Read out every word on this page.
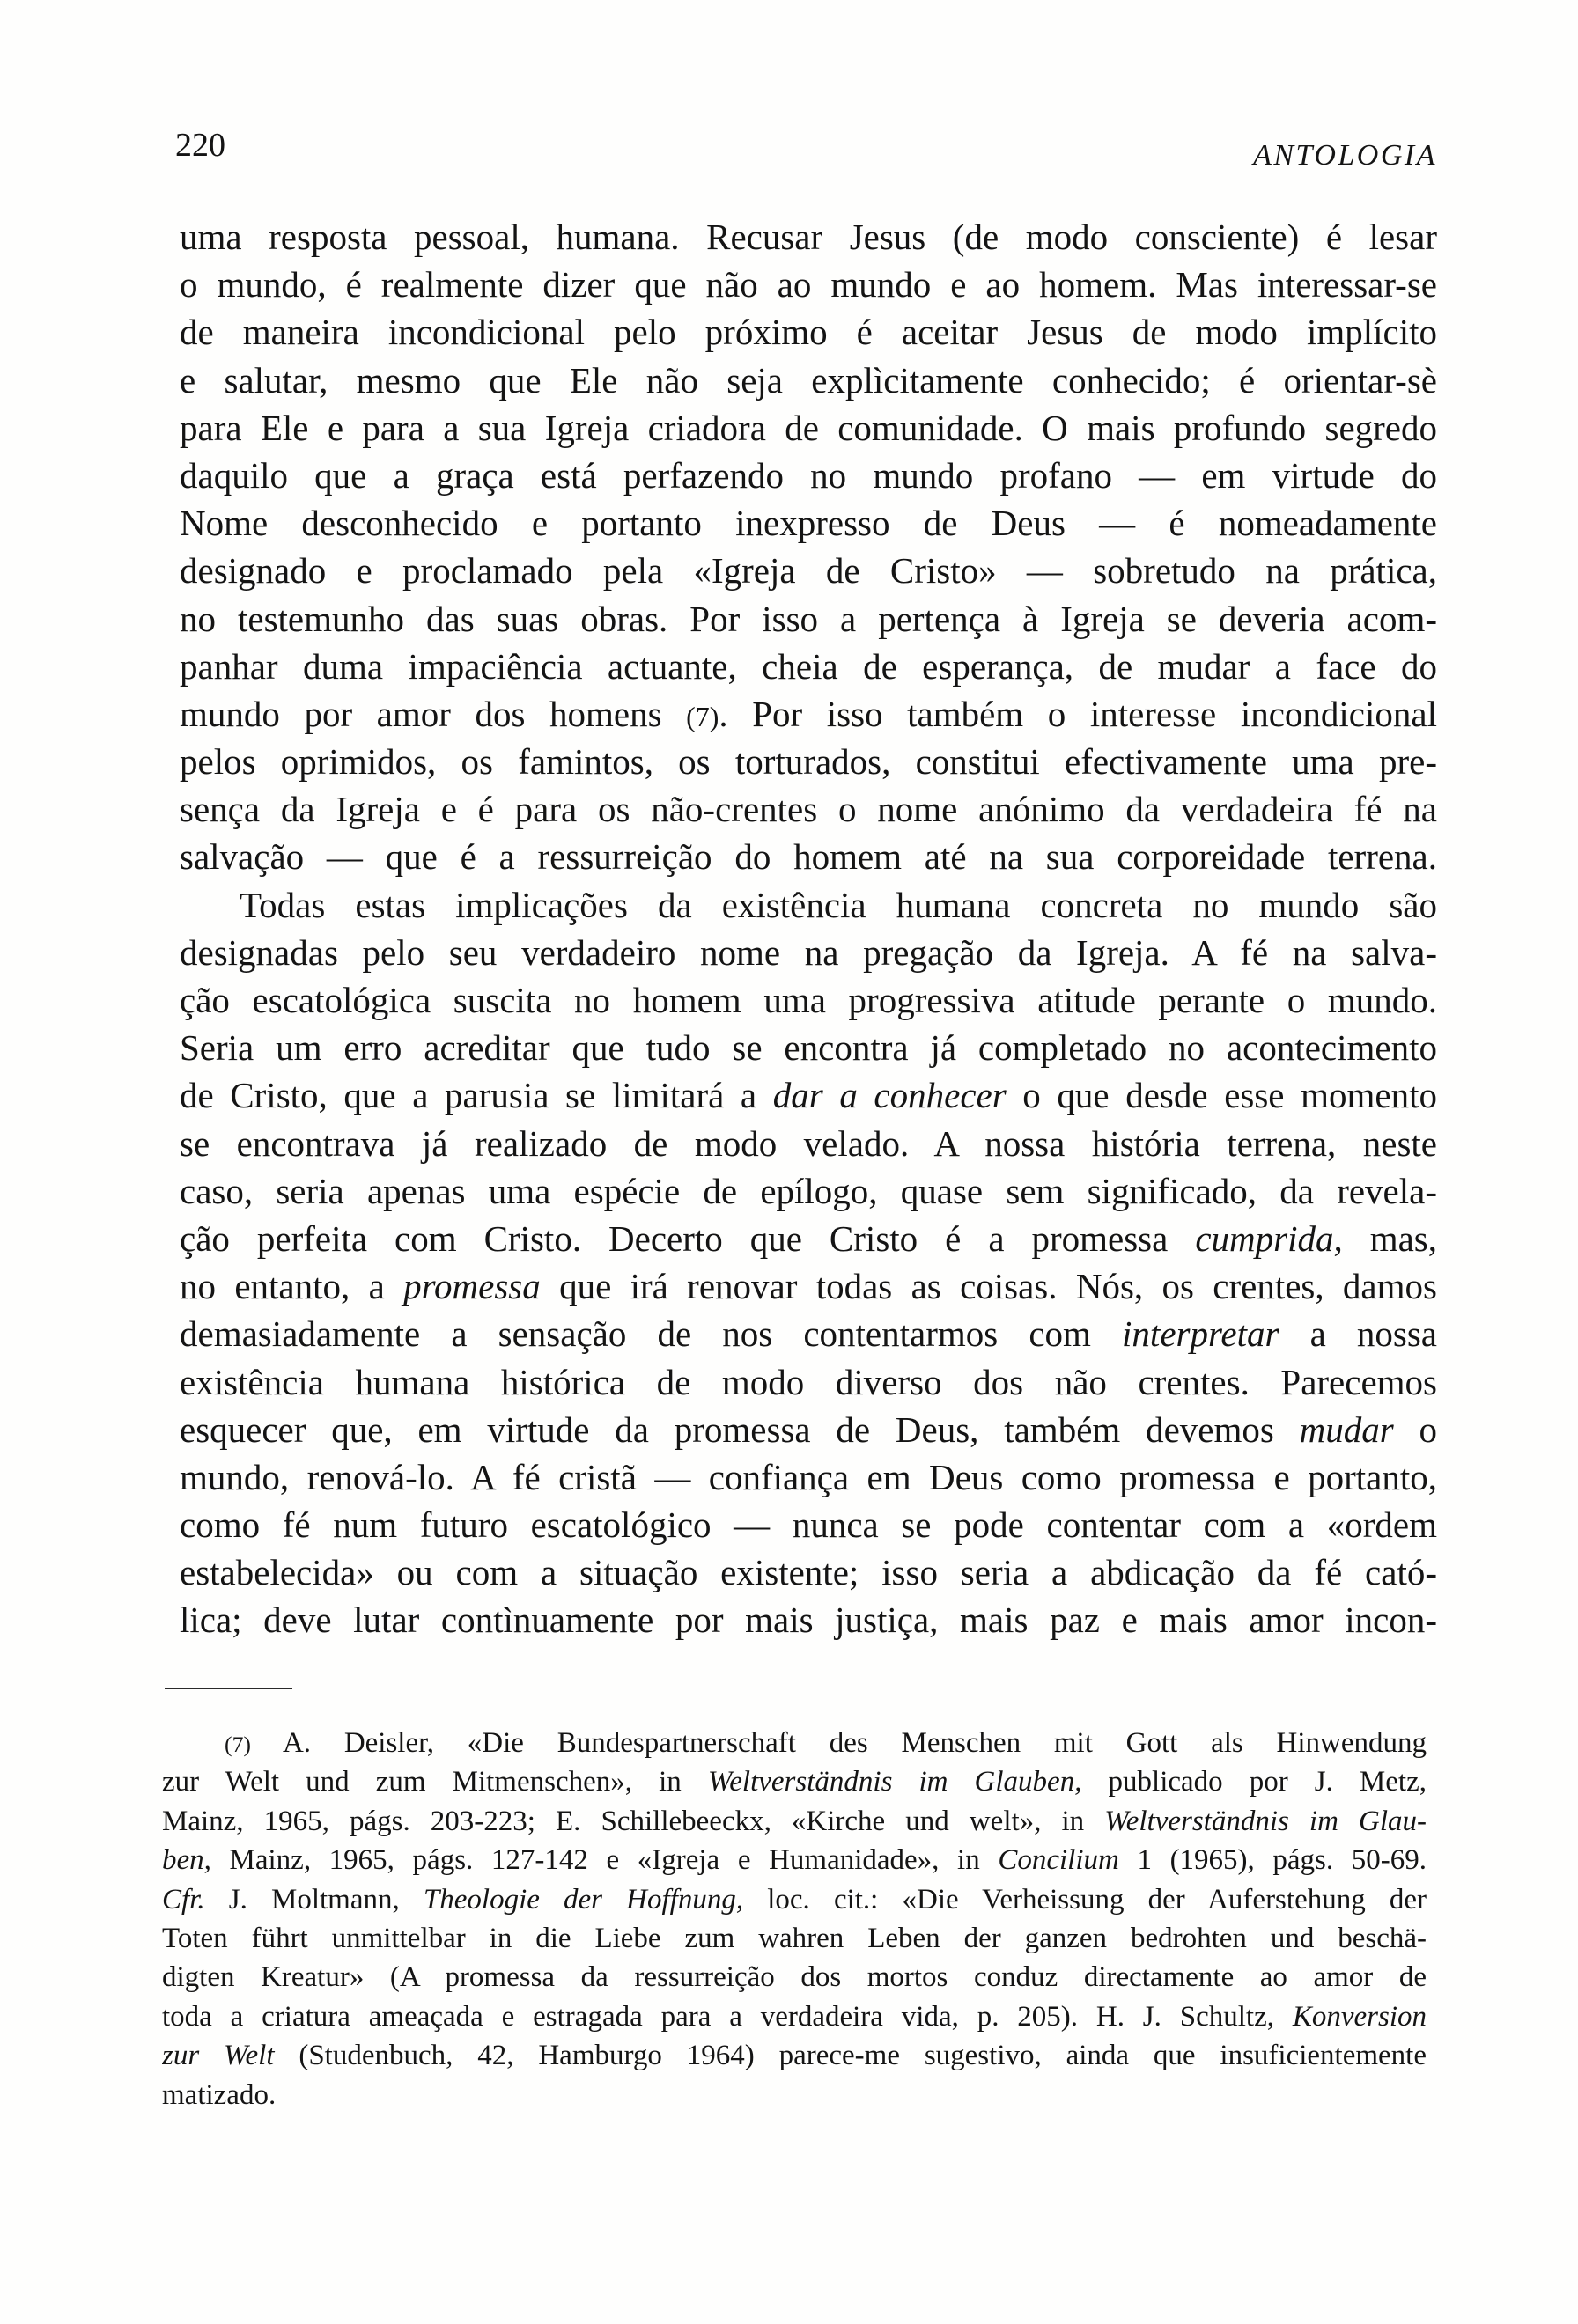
220	ANTOLOGIA
uma resposta pessoal, humana. Recusar Jesus (de modo consciente) é lesar
o mundo, é realmente dizer que não ao mundo e ao homem. Mas interessar-se
de maneira incondicional pelo próximo é aceitar Jesus de modo implícito
e salutar, mesmo que Ele não seja explìcitamente conhecido; é orientar-sè
para Ele e para a sua Igreja criadora de comunidade. O mais profundo segredo
daquilo que a graça está perfazendo no mundo profano — em virtude do
Nome desconhecido e portanto inexpresso de Deus — é nomeadamente
designado e proclamado pela «Igreja de Cristo» — sobretudo na prática,
no testemunho das suas obras. Por isso a pertença à Igreja se deveria acom-
panhar duma impaciência actuante, cheia de esperança, de mudar a face do
mundo por amor dos homens (7). Por isso também o interesse incondicional
pelos oprimidos, os famintos, os torturados, constitui efectivamente uma pre-
sença da Igreja e é para os não-crentes o nome anónimo da verdadeira fé na
salvação — que é a ressurreição do homem até na sua corporeidade terrena.
Todas estas implicações da existência humana concreta no mundo são
designadas pelo seu verdadeiro nome na pregação da Igreja. A fé na salva-
ção escatológica suscita no homem uma progressiva atitude perante o mundo.
Seria um erro acreditar que tudo se encontra já completado no acontecimento
de Cristo, que a parusia se limitará a dar a conhecer o que desde esse momento
se encontrava já realizado de modo velado. A nossa história terrena, neste
caso, seria apenas uma espécie de epílogo, quase sem significado, da revela-
ção perfeita com Cristo. Decerto que Cristo é a promessa cumprida, mas,
no entanto, a promessa que irá renovar todas as coisas. Nós, os crentes, damos
demasiadamente a sensação de nos contentarmos com interpretar a nossa
existência humana histórica de modo diverso dos não crentes. Parecemos
esquecer que, em virtude da promessa de Deus, também devemos mudar o
mundo, renová-lo. A fé cristã — confiança em Deus como promessa e portanto,
como fé num futuro escatológico — nunca se pode contentar com a «ordem
estabelecida» ou com a situação existente; isso seria a abdicação da fé cató-
lica; deve lutar contìnuamente por mais justiça, mais paz e mais amor incon-
(7) A. Deisler, «Die Bundespartnerschaft des Menschen mit Gott als Hinwendung
zur Welt und zum Mitmenschen», in Weltverständnis im Glauben, publicado por J. Metz,
Mainz, 1965, págs. 203-223; E. Schillebeeckx, «Kirche und welt», in Weltverständnis im Glau-
ben, Mainz, 1965, págs. 127-142 e «Igreja e Humanidade», in Concilium 1 (1965), págs. 50-69.
Cfr. J. Moltmann, Theologie der Hoffnung, loc. cit.: «Die Verheissung der Auferstehung der
Toten führt unmittelbar in die Liebe zum wahren Leben der ganzen bedrohten und beschä-
digten Kreatur» (A promessa da ressurreição dos mortos conduz directamente ao amor de
toda a criatura ameaçada e estragada para a verdadeira vida, p. 205). H. J. Schultz, Konversion
zur Welt (Studenbuch, 42, Hamburgo 1964) parece-me sugestivo, ainda que insuficientemente
matizado.
